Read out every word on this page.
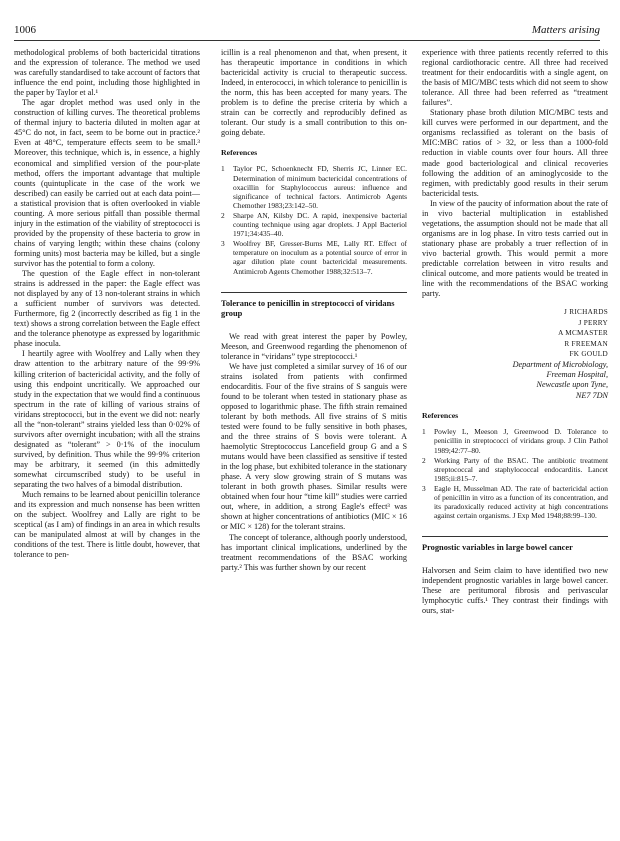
1006	Matters arising

methodological problems of both bactericidal titrations and the expression of tolerance. The method we used was carefully standardised to take account of factors that influence the end point, including those highlighted in the paper by Taylor et al.¹

The agar droplet method was used only in the construction of killing curves. The theoretical problems of thermal injury to bacteria diluted in molten agar at 45°C do not, in fact, seem to be borne out in practice.² Even at 48°C, temperature effects seem to be small.³ Moreover, this technique, which is, in essence, a highly economical and simplified version of the pour-plate method, offers the important advantage that multiple counts (quintuplicate in the case of the work we described) can easily be carried out at each data point—a statistical provision that is often overlooked in viable counting. A more serious pitfall than possible thermal injury in the estimation of the viability of streptococci is provided by the propensity of these bacteria to grow in chains of varying length; within these chains (colony forming units) most bacteria may be killed, but a single survivor has the potential to form a colony.

The question of the Eagle effect in non-tolerant strains is addressed in the paper: the Eagle effect was not displayed by any of 13 non-tolerant strains in which a sufficient number of survivors was detected. Furthermore, fig 2 (incorrectly described as fig 1 in the text) shows a strong correlation between the Eagle effect and the tolerance phenotype as expressed by logarithmic phase inocula.

I heartily agree with Woolfrey and Lally when they draw attention to the arbitrary nature of the 99·9% killing criterion of bactericidal activity, and the folly of using this endpoint uncritically. We approached our study in the expectation that we would find a continuous spectrum in the rate of killing of various strains of viridans streptococci, but in the event we did not: nearly all the “non-tolerant” strains yielded less than 0·02% of survivors after overnight incubation; with all the strains designated as “tolerant” > 0·1% of the inoculum survived, by definition. Thus while the 99·9% criterion may be arbitrary, it seemed (in this admittedly somewhat circumscribed study) to be useful in separating the two halves of a bimodal distribution.

Much remains to be learned about penicillin tolerance and its expression and much nonsense has been written on the subject. Woolfrey and Lally are right to be sceptical (as I am) of findings in an area in which results can be manipulated almost at will by changes in the conditions of the test. There is little doubt, however, that tolerance to pen-

icillin is a real phenomenon and that, when present, it has therapeutic importance in conditions in which bactericidal activity is crucial to therapeutic success. Indeed, in enterococci, in which tolerance to penicillin is the norm, this has been accepted for many years. The problem is to define the precise criteria by which a strain can be correctly and reproducibly defined as tolerant. Our study is a small contribution to this on-going debate.

References
1	Taylor PC, Schoenknecht FD, Sherris JC, Linner EC. Determination of minimum bactericidal concentrations of oxacillin for Staphylococcus aureus: influence and significance of technical factors. Antimicrob Agents Chemother 1983;23:142–50.
2	Sharpe AN, Kilsby DC. A rapid, inexpensive bacterial counting technique using agar droplets. J Appl Bacteriol 1971;34:435–40.
3	Woolfrey BF, Gresser-Burns ME, Lally RT. Effect of temperature on inoculum as a potential source of error in agar dilution plate count bactericidal measurements. Antimicrob Agents Chemother 1988;32:513–7.
Tolerance to penicillin in streptococci of viridans group

We read with great interest the paper by Powley, Meeson, and Greenwood regarding the phenomenon of tolerance in “viridans” type streptococci.¹

We have just completed a similar survey of 16 of our strains isolated from patients with confirmed endocarditis. Four of the five strains of S sanguis were found to be tolerant when tested in stationary phase as opposed to logarithmic phase. The fifth strain remained tolerant by both methods. All five strains of S mitis tested were found to be fully sensitive in both phases, and the three strains of S bovis were tolerant. A haemolytic Streptococcus Lancefield group G and a S mutans would have been classified as sensitive if tested in the log phase, but exhibited tolerance in the stationary phase. A very slow growing strain of S mutans was tolerant in both growth phases. Similar results were obtained when four hour “time kill” studies were carried out, where, in addition, a strong Eagle's effect³ was shown at higher concentrations of antibiotics (MIC × 16 or MIC × 128) for the tolerant strains.

The concept of tolerance, although poorly understood, has important clinical implications, underlined by the treatment recommendations of the BSAC working party.² This was further shown by our recent

experience with three patients recently referred to this regional cardiothoracic centre. All three had received treatment for their endocarditis with a single agent, on the basis of MIC/MBC tests which did not seem to show tolerance. All three had been referred as “treatment failures”.

Stationary phase broth dilution MIC/MBC tests and kill curves were performed in our department, and the organisms reclassified as tolerant on the basis of MIC:MBC ratios of > 32, or less than a 1000-fold reduction in viable counts over four hours. All three made good bacteriological and clinical recoveries following the addition of an aminoglycoside to the regimen, with predictably good results in their serum bactericidal tests.

In view of the paucity of information about the rate of in vivo bacterial multiplication in established vegetations, the assumption should not be made that all organisms are in log phase. In vitro tests carried out in stationary phase are probably a truer reflection of in vivo bacterial growth. This would permit a more predictable correlation between in vitro results and clinical outcome, and more patients would be treated in line with the recommendations of the BSAC working party.

J RICHARDS
J PERRY
A MCMASTER
R FREEMAN
FK GOULD
Department of Microbiology,
Freeman Hospital,
Newcastle upon Tyne,
NE7 7DN
References
1	Powley L, Meeson J, Greenwood D. Tolerance to penicillin in streptococci of viridans group. J Clin Pathol 1989;42:77–80.
2	Working Party of the BSAC. The antibiotic treatment streptococcal and staphylococcal endocarditis. Lancet 1985;ii:815–7.
3	Eagle H, Musselman AD. The rate of bactericidal action of penicillin in vitro as a function of its concentration, and its paradoxically reduced activity at high concentrations against certain organisms. J Exp Med 1948;88:99–130.
Prognostic variables in large bowel cancer

Halvorsen and Seim claim to have identified two new independent prognostic variables in large bowel cancer. These are peritumoral fibrosis and perivascular lymphocytic cuffs.¹ They contrast their findings with ours, stat-
